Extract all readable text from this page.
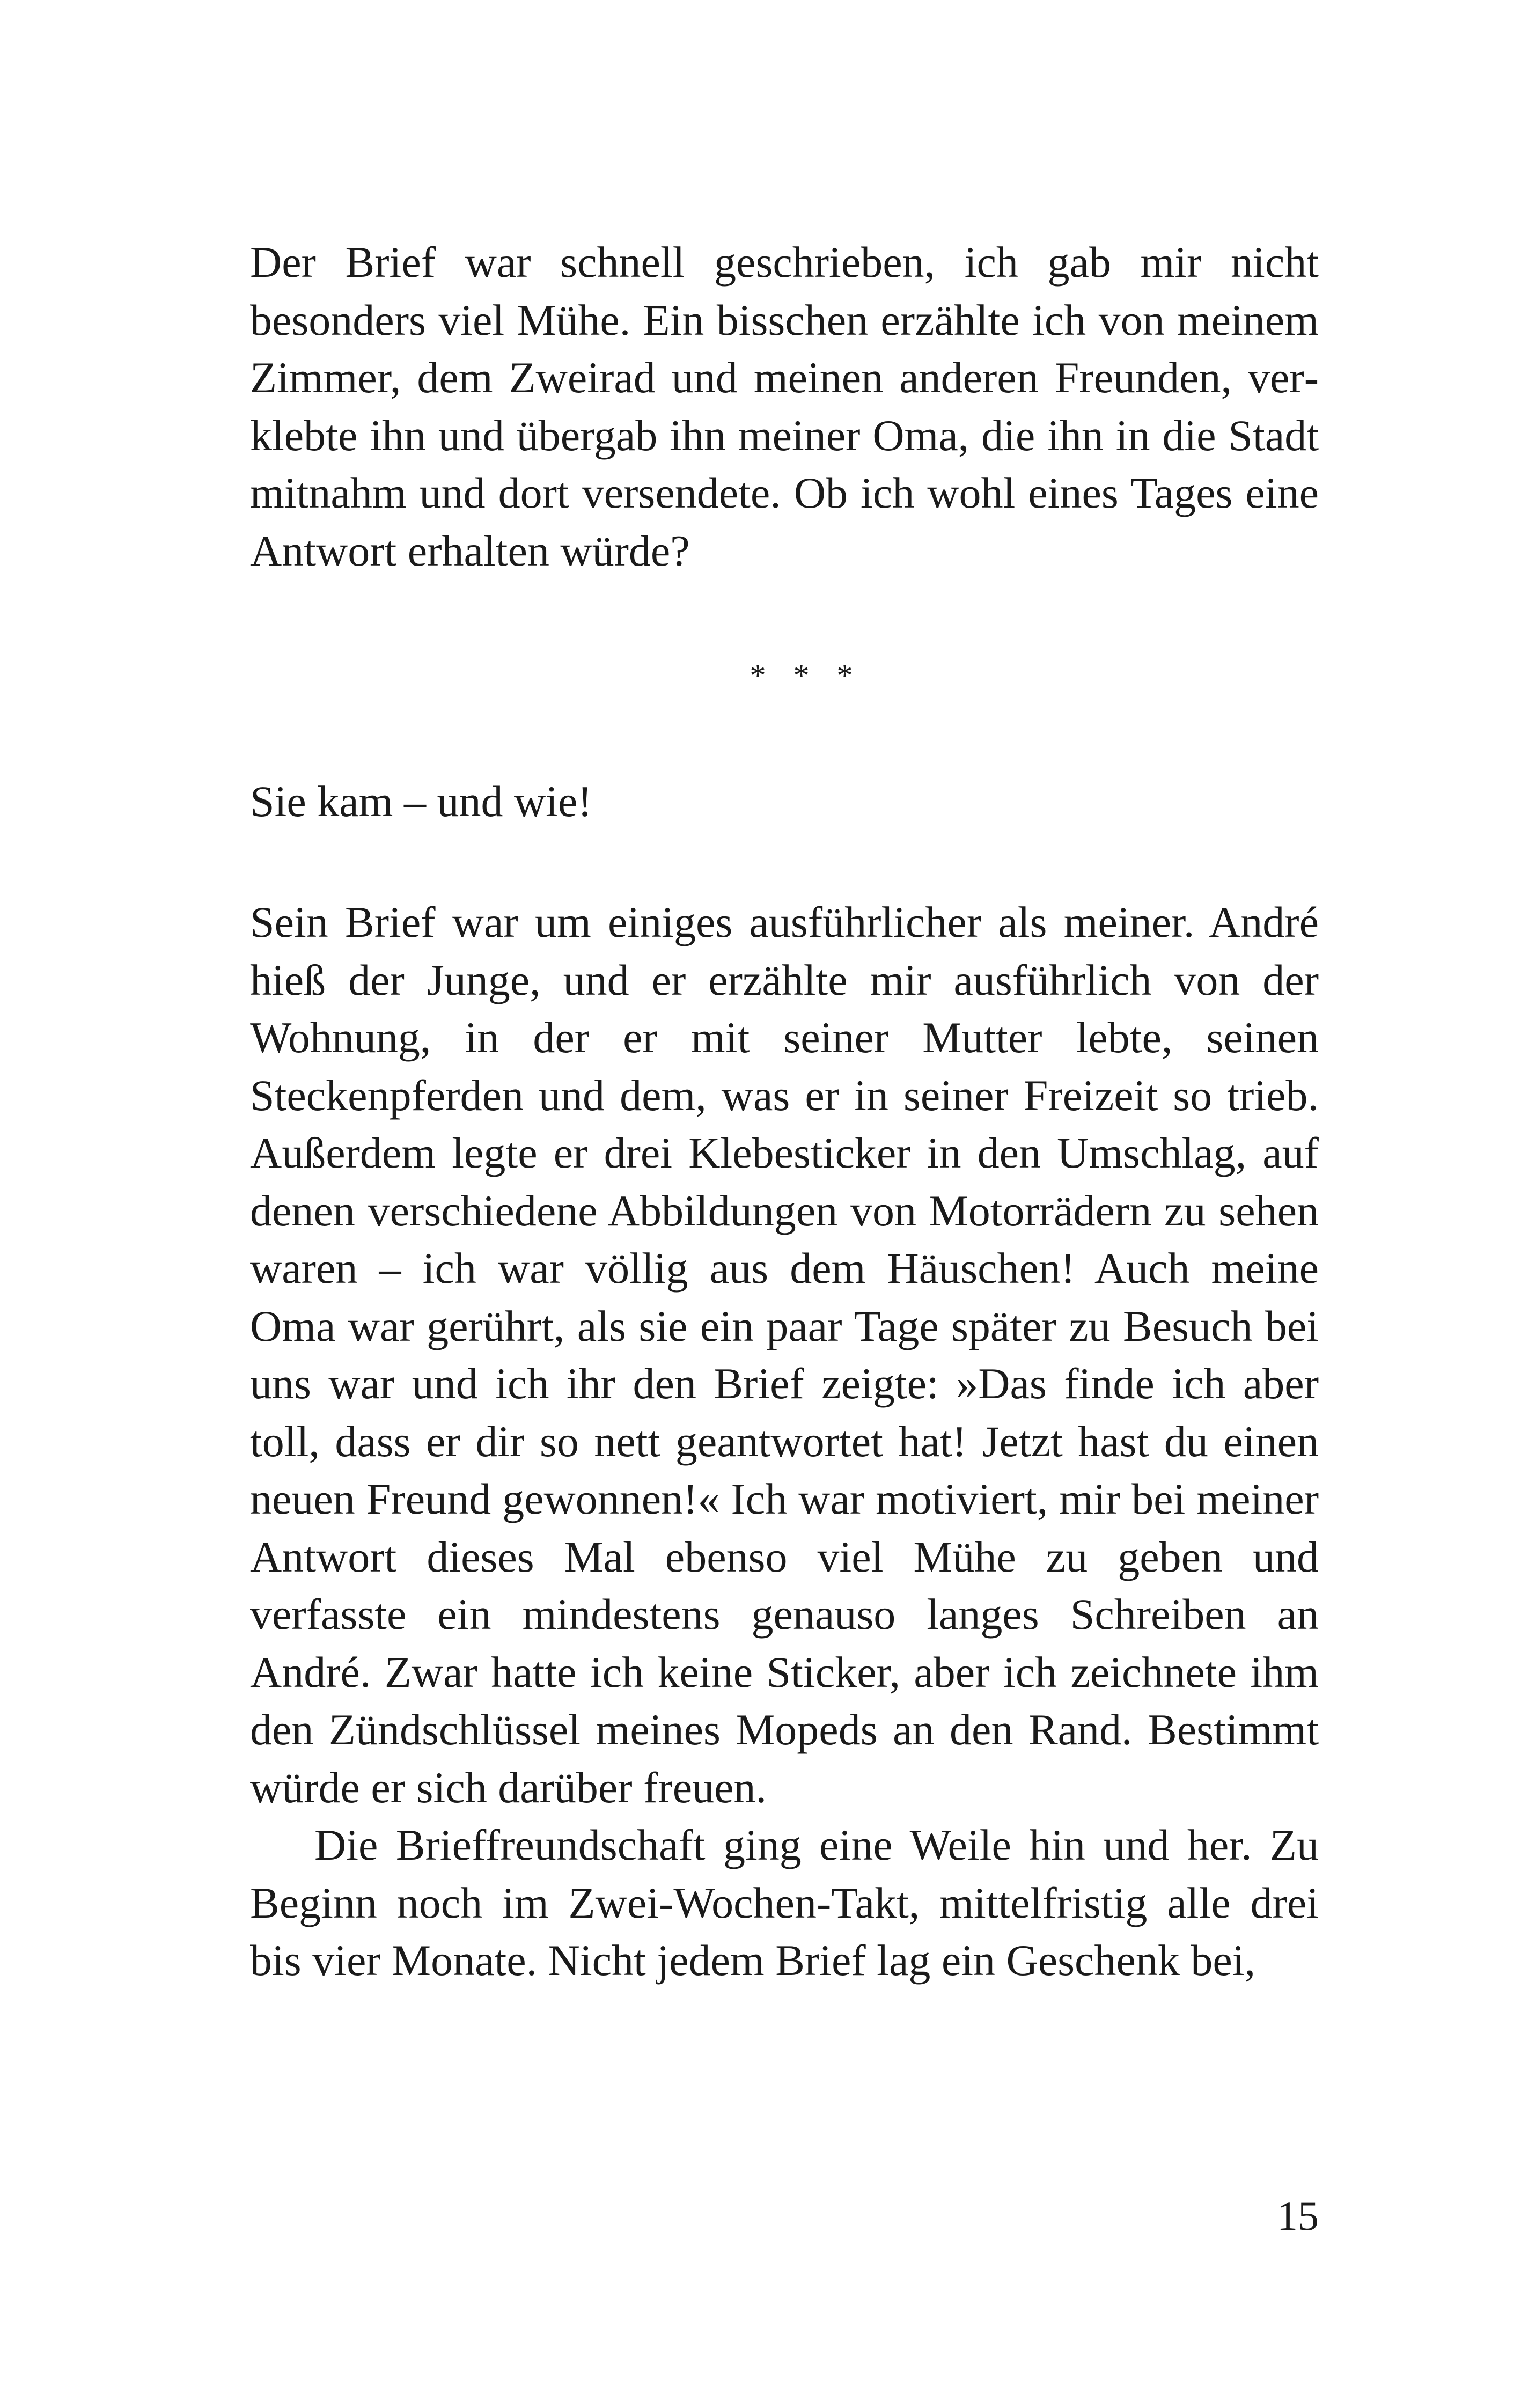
Der Brief war schnell geschrieben, ich gab mir nicht besonders viel Mühe. Ein bisschen erzählte ich von meinem Zimmer, dem Zweirad und meinen anderen Freunden, verklebte ihn und übergab ihn meiner Oma, die ihn in die Stadt mitnahm und dort versendete. Ob ich wohl eines Tages eine Antwort erhalten würde?

* * *

Sie kam – und wie!

Sein Brief war um einiges ausführlicher als meiner. André hieß der Junge, und er erzählte mir ausführlich von der Wohnung, in der er mit seiner Mutter lebte, seinen Steckenpferden und dem, was er in seiner Freizeit so trieb. Außerdem legte er drei Klebesticker in den Umschlag, auf denen verschiedene Abbildungen von Motorrädern zu sehen waren – ich war völlig aus dem Häuschen! Auch meine Oma war gerührt, als sie ein paar Tage später zu Besuch bei uns war und ich ihr den Brief zeigte: »Das finde ich aber toll, dass er dir so nett geantwortet hat! Jetzt hast du einen neuen Freund gewonnen!« Ich war motiviert, mir bei meiner Antwort dieses Mal ebenso viel Mühe zu geben und verfasste ein mindestens genauso langes Schreiben an André. Zwar hatte ich keine Sticker, aber ich zeichnete ihm den Zündschlüssel meines Mopeds an den Rand. Bestimmt würde er sich darüber freuen.

Die Brieffreundschaft ging eine Weile hin und her. Zu Beginn noch im Zwei-Wochen-Takt, mittelfristig alle drei bis vier Monate. Nicht jedem Brief lag ein Geschenk bei,

15
